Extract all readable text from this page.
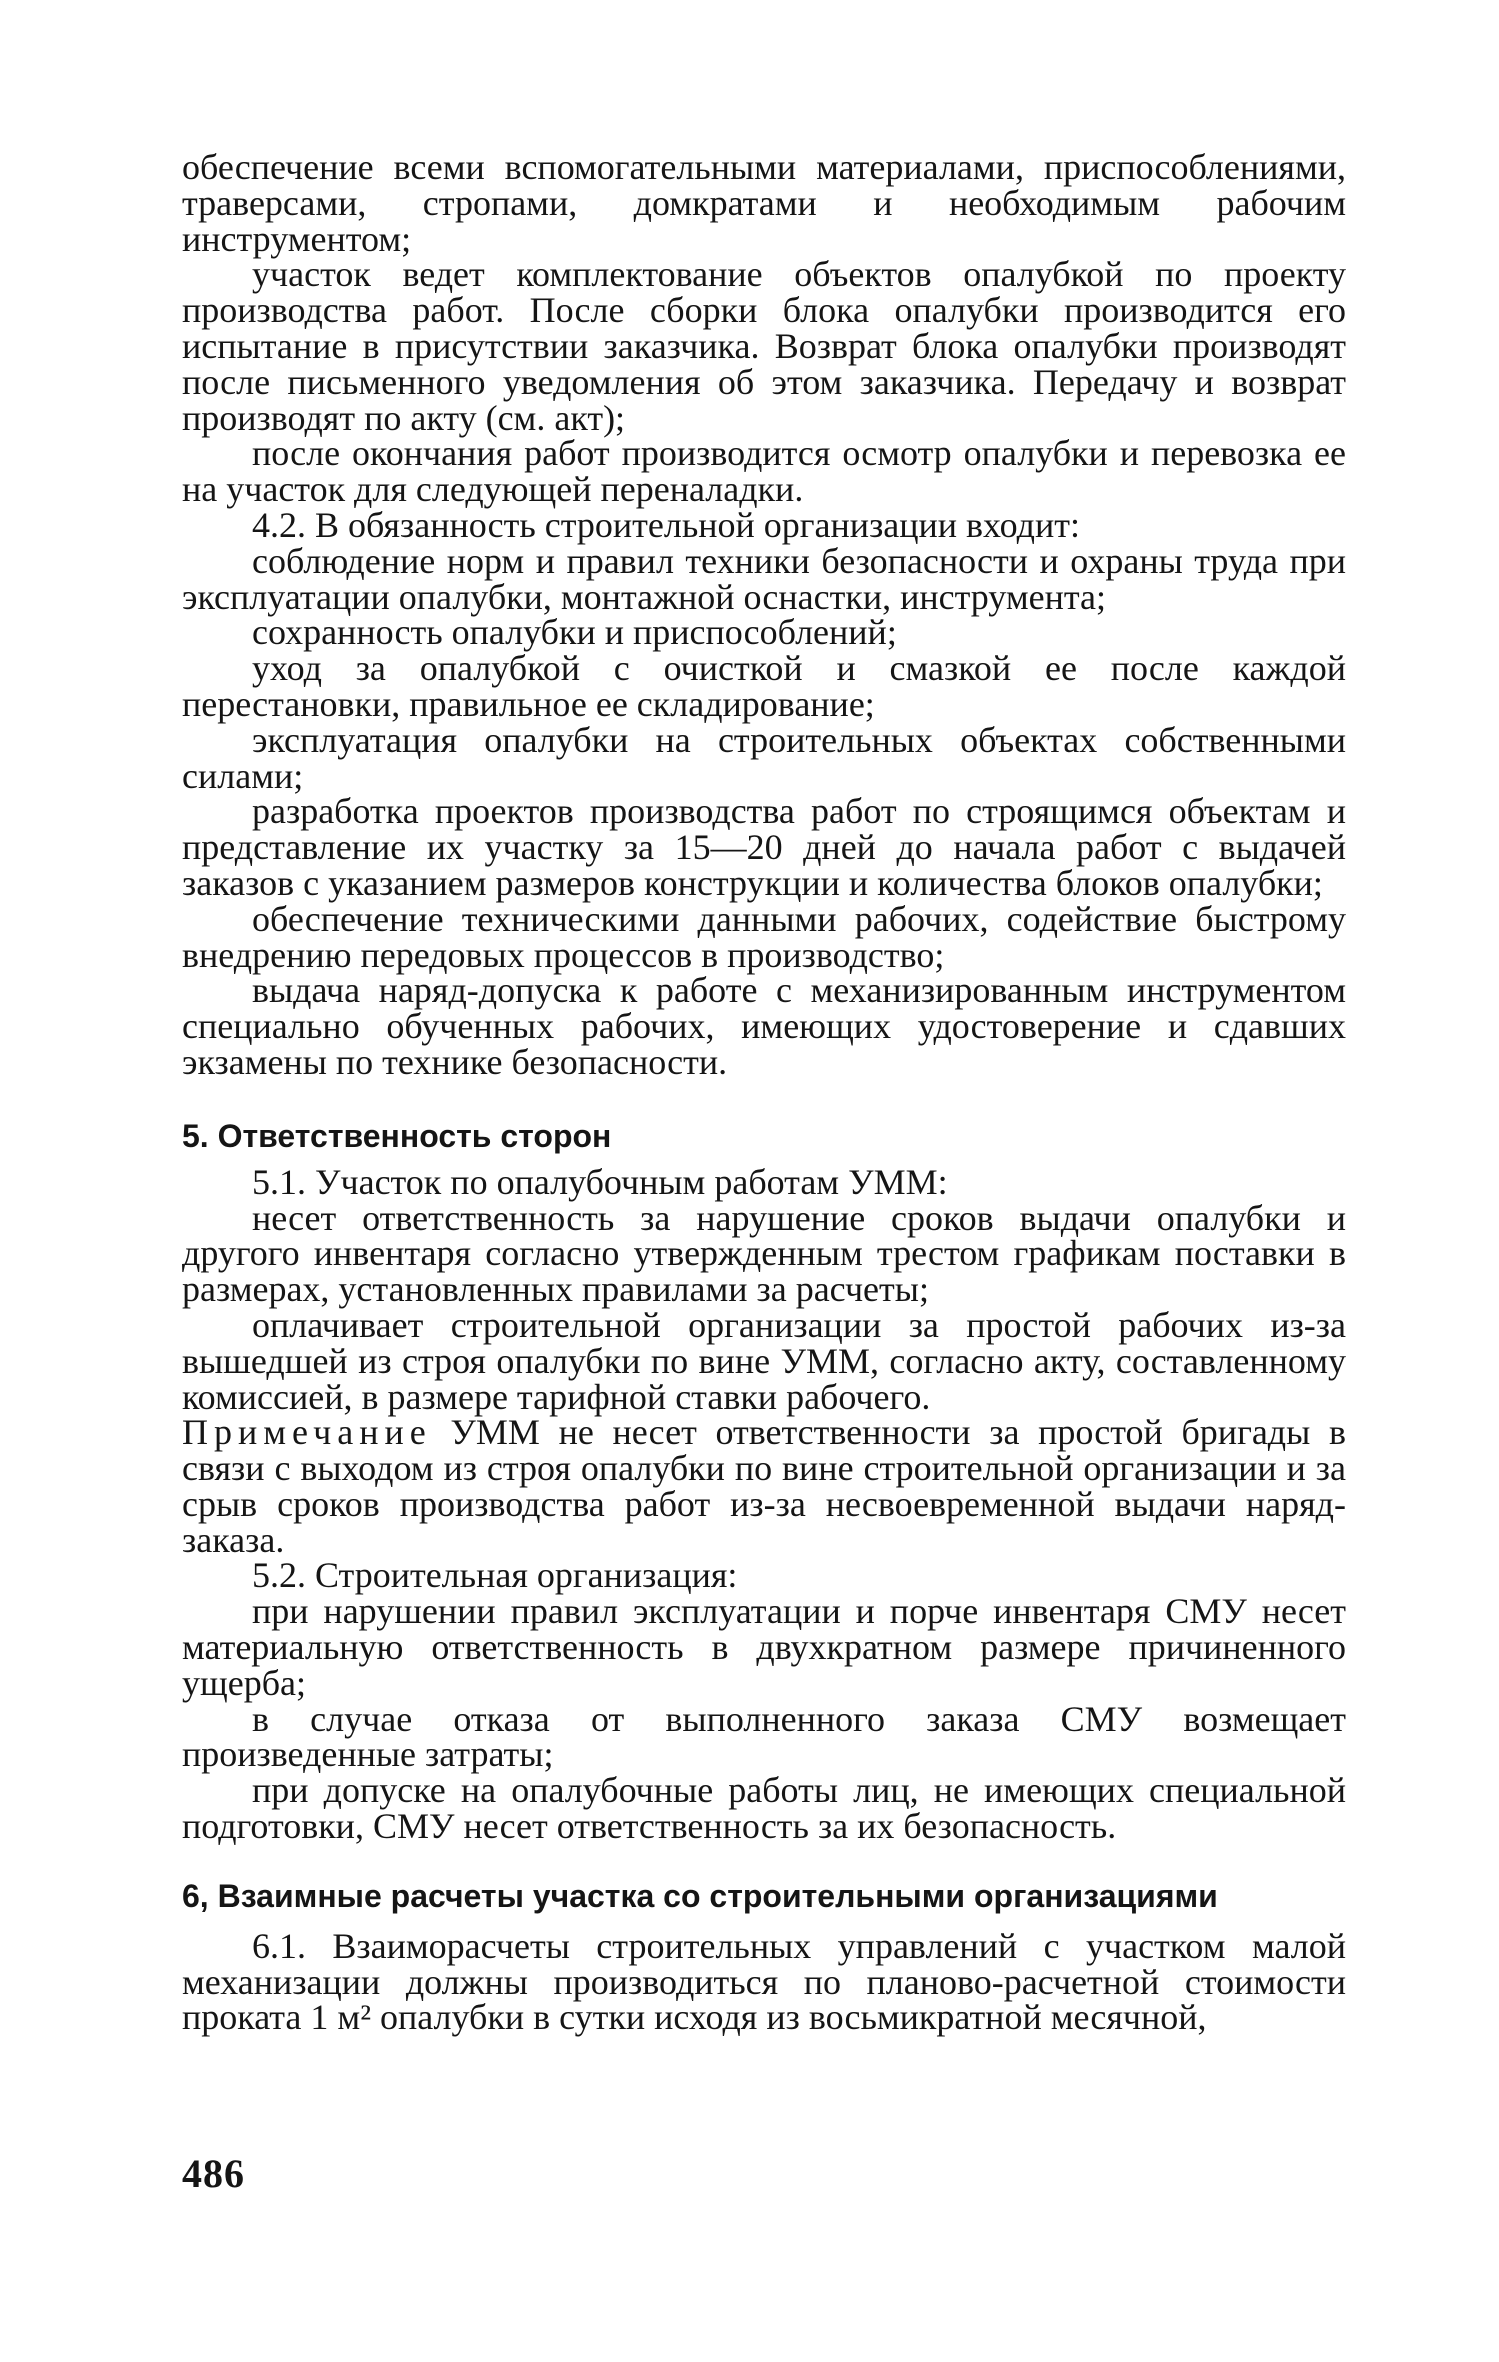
обеспечение всеми вспомогательными материалами, приспособлениями, траверсами, стропами, домкратами и необходимым рабочим инструментом;

участок ведет комплектование объектов опалубкой по проекту производства работ. После сборки блока опалубки производится его испытание в присутствии заказчика. Возврат блока опалубки производят после письменного уведомления об этом заказчика. Передачу и возврат производят по акту (см. акт);

после окончания работ производится осмотр опалубки и перевозка ее на участок для следующей переналадки.

4.2. В обязанность строительной организации входит:

соблюдение норм и правил техники безопасности и охраны труда при эксплуатации опалубки, монтажной оснастки, инструмента;

сохранность опалубки и приспособлений;

уход за опалубкой с очисткой и смазкой ее после каждой перестановки, правильное ее складирование;

эксплуатация опалубки на строительных объектах собственными силами;

разработка проектов производства работ по строящимся объектам и представление их участку за 15—20 дней до начала работ с выдачей заказов с указанием размеров конструкции и количества блоков опалубки;

обеспечение техническими данными рабочих, содействие быстрому внедрению передовых процессов в производство;

выдача наряд-допуска к работе с механизированным инструментом специально обученных рабочих, имеющих удостоверение и сдавших экзамены по технике безопасности.

5. Ответственность сторон

5.1. Участок по опалубочным работам УММ:

несет ответственность за нарушение сроков выдачи опалубки и другого инвентаря согласно утвержденным трестом графикам поставки в размерах, установленных правилами за расчеты;

оплачивает строительной организации за простой рабочих из-за вышедшей из строя опалубки по вине УММ, согласно акту, составленному комиссией, в размере тарифной ставки рабочего.

Примечание УММ не несет ответственности за простой бригады в связи с выходом из строя опалубки по вине строительной организации и за срыв сроков производства работ из-за несвоевременной выдачи наряд-заказа.

5.2. Строительная организация:

при нарушении правил эксплуатации и порче инвентаря СМУ несет материальную ответственность в двухкратном размере причиненного ущерба;

в случае отказа от выполненного заказа СМУ возмещает произведенные затраты;

при допуске на опалубочные работы лиц, не имеющих специальной подготовки, СМУ несет ответственность за их безопасность.

6, Взаимные расчеты участка со строительными организациями

6.1. Взаиморасчеты строительных управлений с участком малой механизации должны производиться по планово-расчетной стоимости проката 1 м² опалубки в сутки исходя из восьмикратной месячной,

486
